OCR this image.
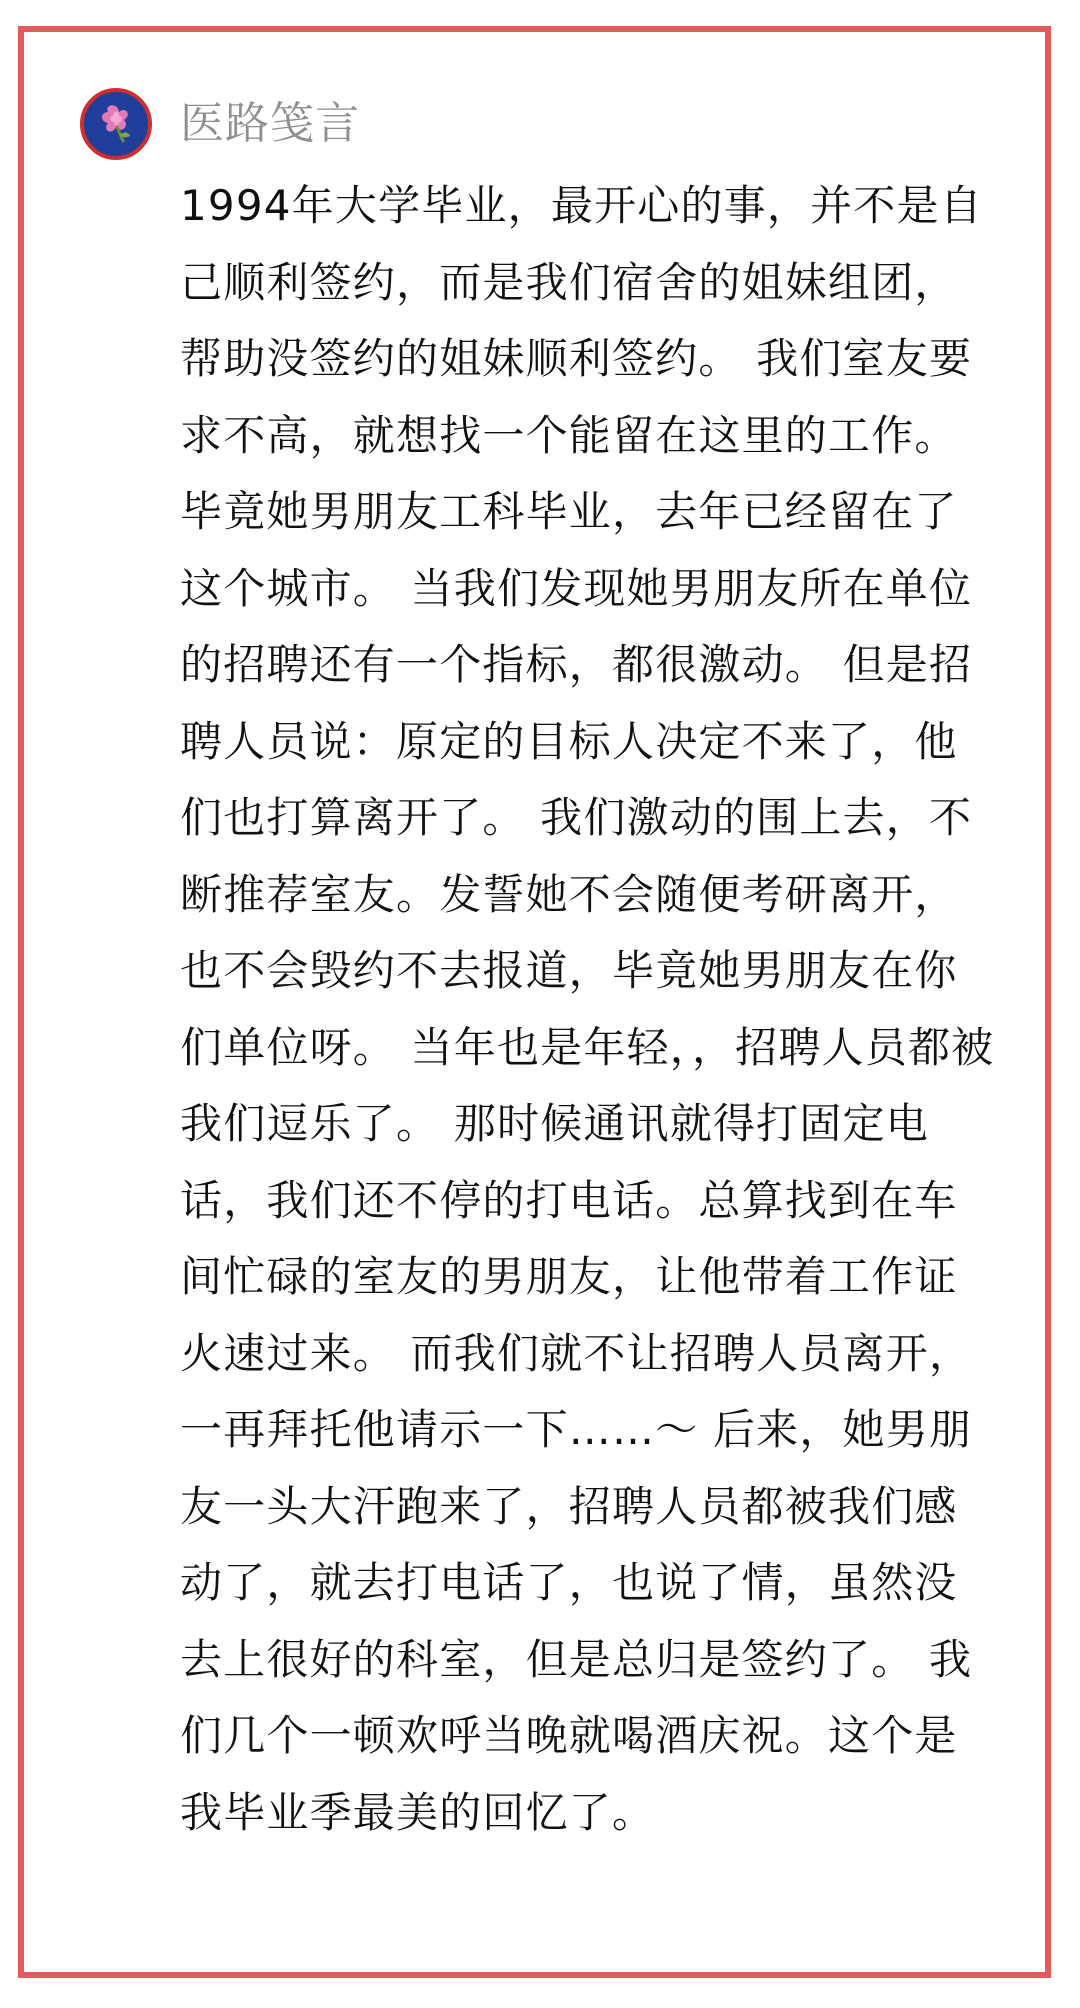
医路笺言
1994年大学毕业，最开心的事，并不是自己顺利签约，而是我们宿舍的姐妹组团，帮助没签约的姐妹顺利签约。 我们室友要求不高，就想找一个能留在这里的工作。 毕竟她男朋友工科毕业，去年已经留在了这个城市。 当我们发现她男朋友所在单位的招聘还有一个指标，都很激动。 但是招聘人员说：原定的目标人决定不来了，他们也打算离开了。 我们激动的围上去，不断推荐室友。发誓她不会随便考研离开，也不会毁约不去报道，毕竟她男朋友在你们单位呀。 当年也是年轻，，招聘人员都被我们逗乐了。 那时候通讯就得打固定电话，我们还不停的打电话。总算找到在车间忙碌的室友的男朋友，让他带着工作证火速过来。 而我们就不让招聘人员离开，一再拜托他请示一下……～ 后来，她男朋友一头大汗跑来了，招聘人员都被我们感动了，就去打电话了，也说了情，虽然没去上很好的科室，但是总归是签约了。 我们几个一顿欢呼当晚就喝酒庆祝。这个是我毕业季最美的回忆了。
